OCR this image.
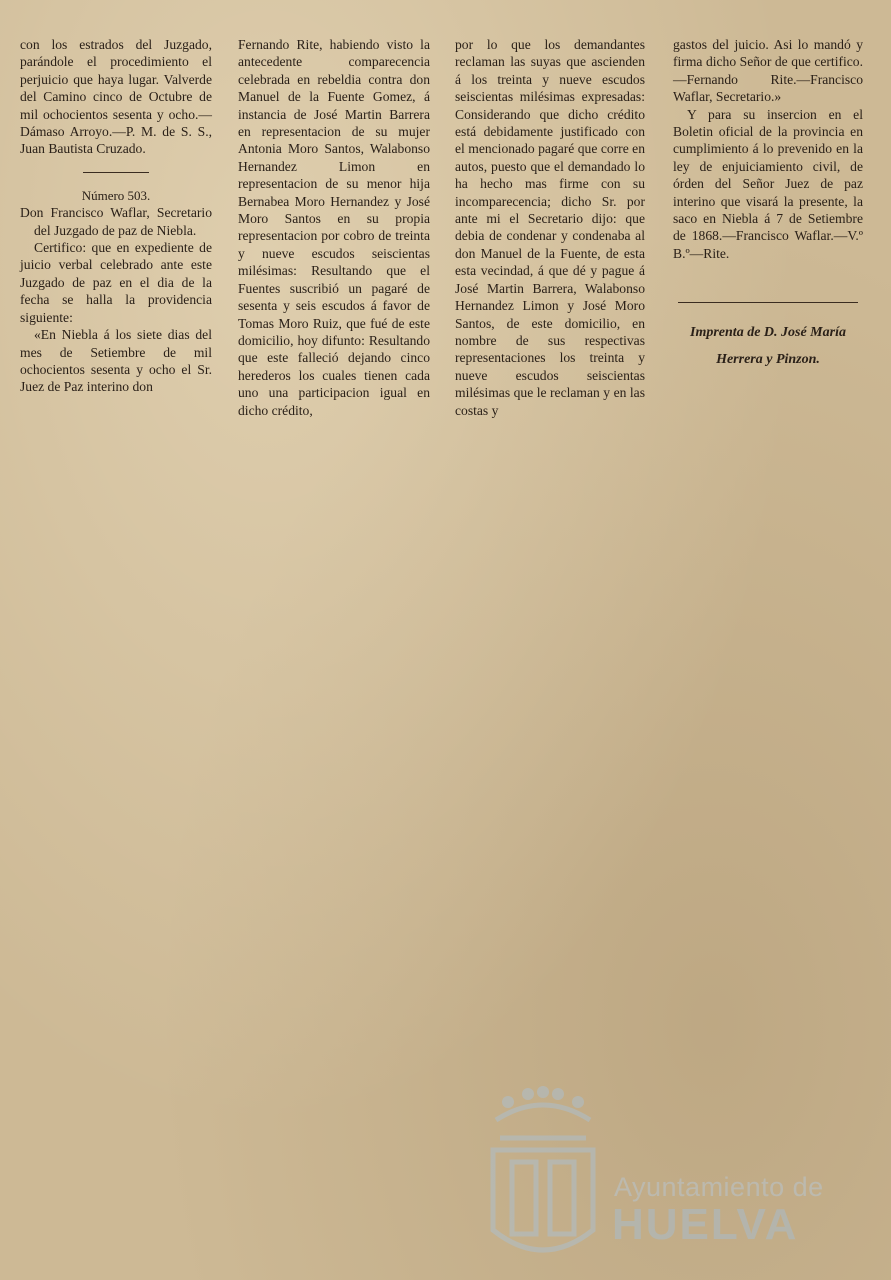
con los estrados del Juzgado, parándole el procedimiento el perjuicio que haya lugar. Valverde del Camino cinco de Octubre de mil ochocientos sesenta y ocho.—Dámaso Arroyo.—P. M. de S. S., Juan Bautista Cruzado.

Número 503.

Don Francisco Waflar, Secretario del Juzgado de paz de Niebla.

Certifico: que en expediente de juicio verbal celebrado ante este Juzgado de paz en el dia de la fecha se halla la providencia siguiente:

«En Niebla á los siete dias del mes de Setiembre de mil ochocientos sesenta y ocho el Sr. Juez de Paz interino don

Fernando Rite, habiendo visto la antecedente comparecencia celebrada en rebeldia contra don Manuel de la Fuente Gomez, á instancia de José Martin Barrera en representacion de su mujer Antonia Moro Santos, Walabonso Hernandez Limon en representacion de su menor hija Bernabea Moro Hernandez y José Moro Santos en su propia representacion por cobro de treinta y nueve escudos seiscientas milésimas: Resultando que el Fuentes suscribió un pagaré de sesenta y seis escudos á favor de Tomas Moro Ruiz, que fué de este domicilio, hoy difunto: Resultando que este falleció dejando cinco herederos los cuales tienen cada uno una participacion igual en dicho crédito,

por lo que los demandantes reclaman las suyas que ascienden á los treinta y nueve escudos seiscientas milésimas expresadas: Considerando que dicho crédito está debidamente justificado con el mencionado pagaré que corre en autos, puesto que el demandado lo ha hecho mas firme con su incomparecencia; dicho Sr. por ante mi el Secretario dijo: que debia de condenar y condenaba al don Manuel de la Fuente, de esta esta vecindad, á que dé y pague á José Martin Barrera, Walabonso Hernandez Limon y José Moro Santos, de este domicilio, en nombre de sus respectivas representaciones los treinta y nueve escudos seiscientas milésimas que le reclaman y en las costas y

gastos del juicio. Asi lo mandó y firma dicho Señor de que certifico.—Fernando Rite.—Francisco Waflar, Secretario.»

Y para su insercion en el Boletin oficial de la provincia en cumplimiento á lo prevenido en la ley de enjuiciamiento civil, de órden del Señor Juez de paz interino que visará la presente, la saco en Niebla á 7 de Setiembre de 1868.—Francisco Waflar.—V.º B.º—Rite.

Imprenta de D. José María

Herrera y Pinzon.

Ayuntamiento de
HUELVA
